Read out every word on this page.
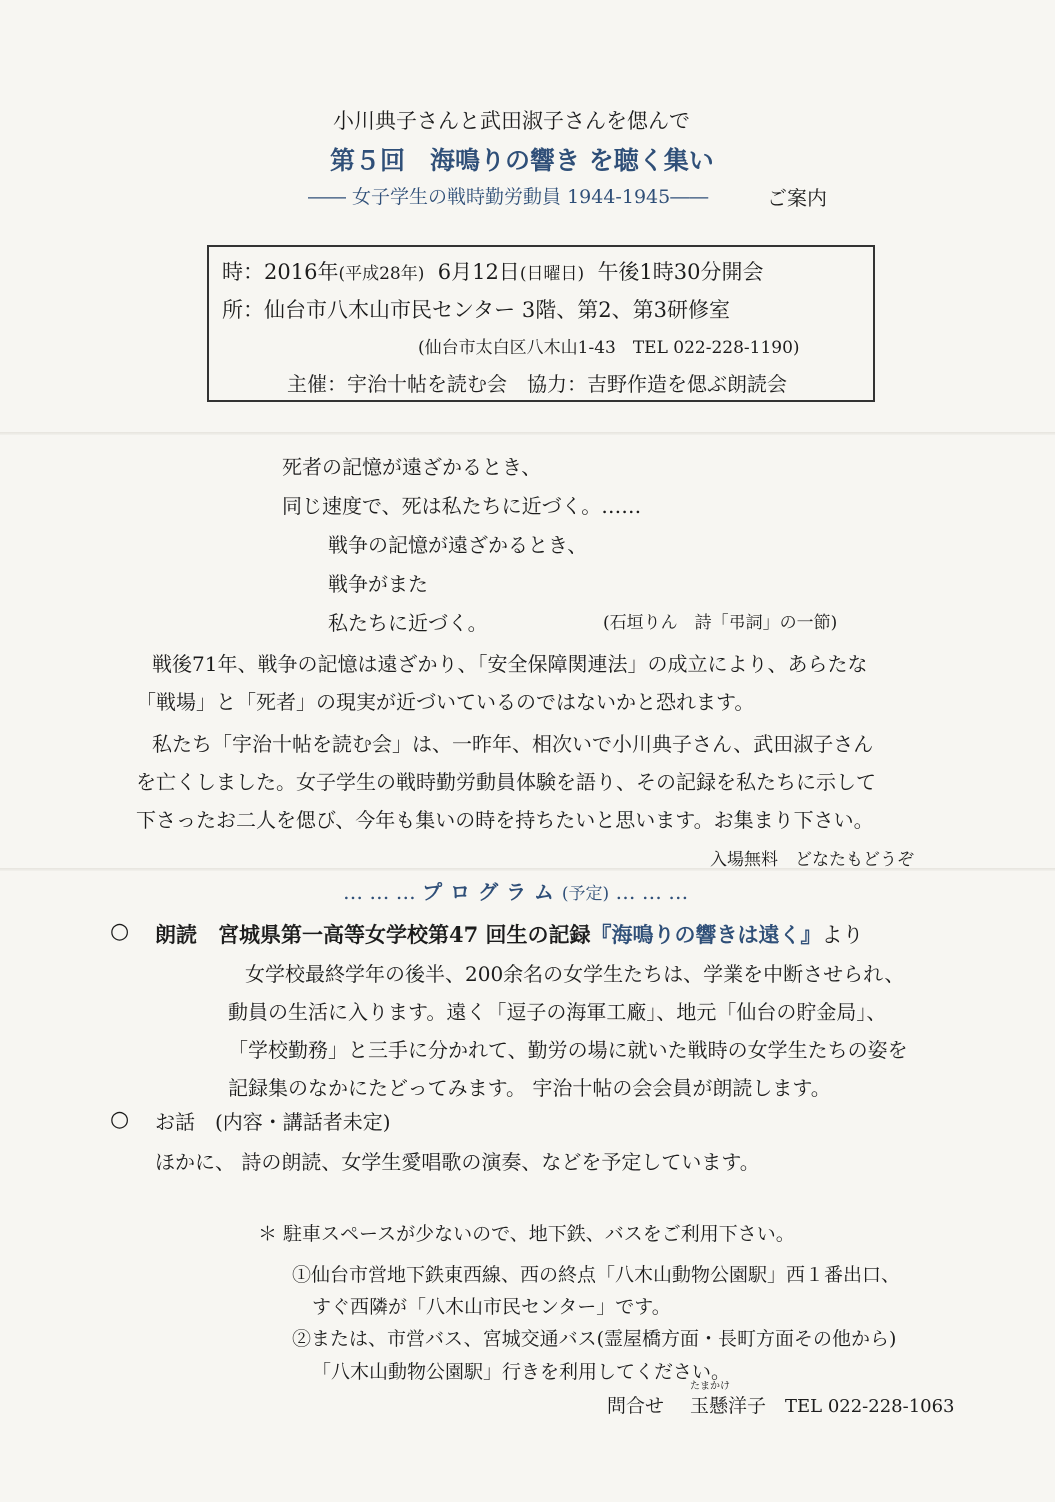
小川典子さんと武田淑子さんを偲んで
第５回　海鳴りの響き を聴く集い
―― 女子学生の戦時勤労動員 1944-1945――	ご案内
時：2016年(平成28年) 6月12日(日曜日) 午後1時30分開会
所：仙台市八木山市民センター 3階、第2、第3研修室
(仙台市太白区八木山1-43　TEL 022-228-1190)
主催：宇治十帖を読む会　協力：吉野作造を偲ぶ朗読会
死者の記憶が遠ざかるとき、
同じ速度で、死は私たちに近づく。……
戦争の記憶が遠ざかるとき、
戦争がまた
私たちに近づく。	(石垣りん　詩「弔詞」の一節)
戦後71年、戦争の記憶は遠ざかり、「安全保障関連法」の成立により、あらたな
「戦場」と「死者」の現実が近づいているのではないかと恐れます。
私たち「宇治十帖を読む会」は、一昨年、相次いで小川典子さん、武田淑子さん
を亡くしました。女子学生の戦時勤労動員体験を語り、その記録を私たちに示して
下さったお二人を偲び、今年も集いの時を持ちたいと思います。お集まり下さい。
入場無料　どなたもどうぞ
… … … プログラム(予定) … … …
○ 朗読　宮城県第一高等女学校第47 回生の記録『海鳴りの響きは遠く』より
女学校最終学年の後半、200余名の女学生たちは、学業を中断させられ、
動員の生活に入ります。遠く「逗子の海軍工廠」、地元「仙台の貯金局」、
「学校勤務」と三手に分かれて、勤労の場に就いた戦時の女学生たちの姿を
記録集のなかにたどってみます。 宇治十帖の会会員が朗読します。
○ お話　(内容・講話者未定)
ほかに、 詩の朗読、女学生愛唱歌の演奏、などを予定しています。
＊ 駐車スペースが少ないので、地下鉄、バスをご利用下さい。
①仙台市営地下鉄東西線、西の終点「八木山動物公園駅」西１番出口、
すぐ西隣が「八木山市民センター」です。
②または、市営バス、宮城交通バス(霊屋橋方面・長町方面その他から)
「八木山動物公園駅」行きを利用してください。
問合せ
たまかけ
玉懸洋子 TEL 022-228-1063
